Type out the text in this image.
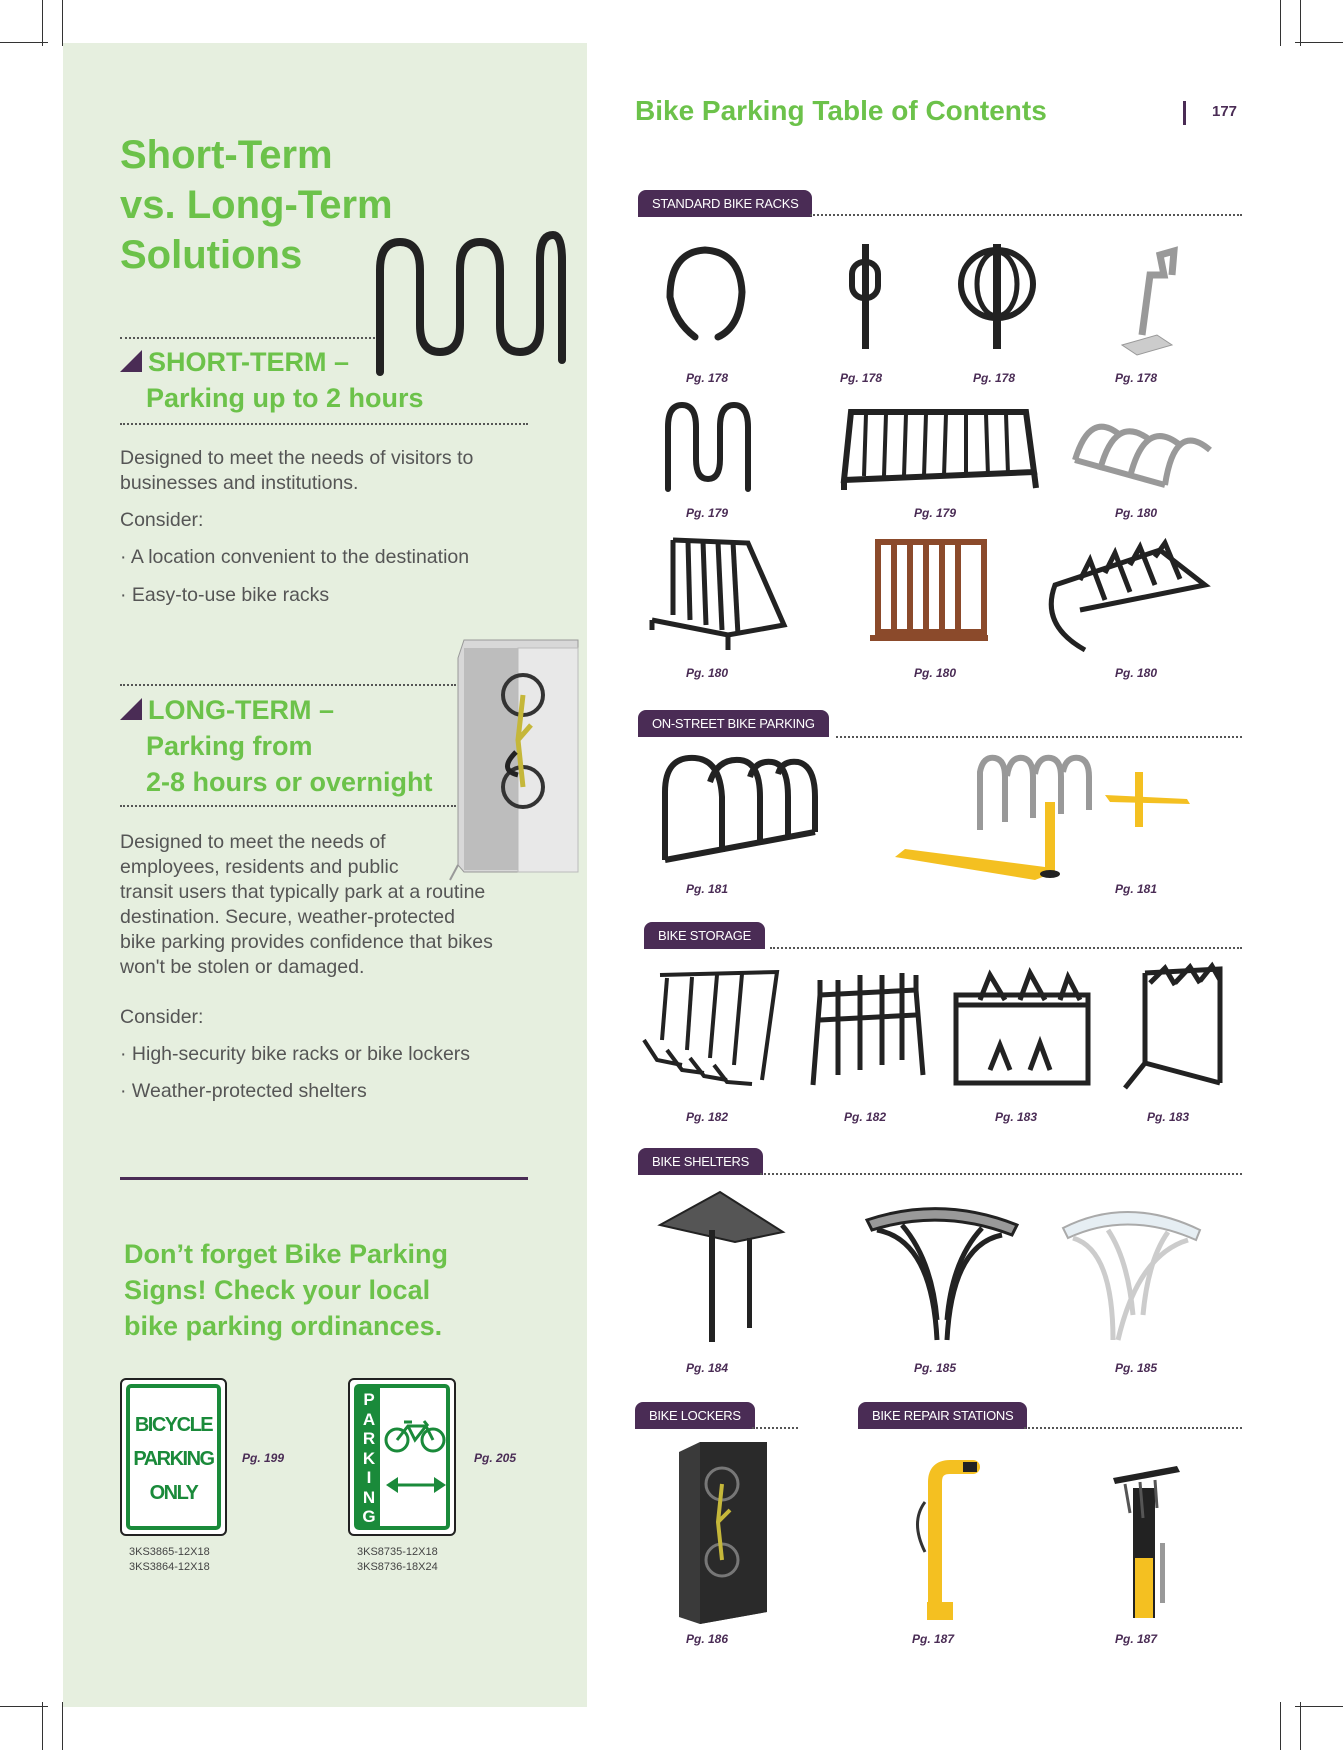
Short-Term
vs. Long-Term
Solutions
SHORT-TERM –
Parking up to 2 hours
Designed to meet the needs of visitors to
businesses and institutions.
Consider:
· A location convenient to the destination
· Easy-to-use bike racks
LONG-TERM –
Parking from
2-8 hours or overnight
Designed to meet the needs of
employees, residents and public
transit users that typically park at a routine
destination. Secure, weather-protected
bike parking provides confidence that bikes
won't be stolen or damaged.
Consider:
· High-security bike racks or bike lockers
· Weather-protected shelters
Don’t forget Bike Parking
Signs! Check your local
bike parking ordinances.
BICYCLE
PARKING
ONLY
Pg. 199
3KS3865-12X18
3KS3864-12X18
P
A
R
K
I
N
G
Pg. 205
3KS8735-12X18
3KS8736-18X24
Bike Parking Table of Contents	177
STANDARD BIKE RACKS
Pg. 178	Pg. 178	Pg. 178	Pg. 178
Pg. 179	Pg. 179	Pg. 180
Pg. 180	Pg. 180	Pg. 180
ON-STREET BIKE PARKING
Pg. 181	Pg. 181
BIKE STORAGE
Pg. 182	Pg. 182	Pg. 183	Pg. 183
BIKE SHELTERS
Pg. 184	Pg. 185	Pg. 185
BIKE LOCKERS
Pg. 186
BIKE REPAIR STATIONS
Pg. 187	Pg. 187
